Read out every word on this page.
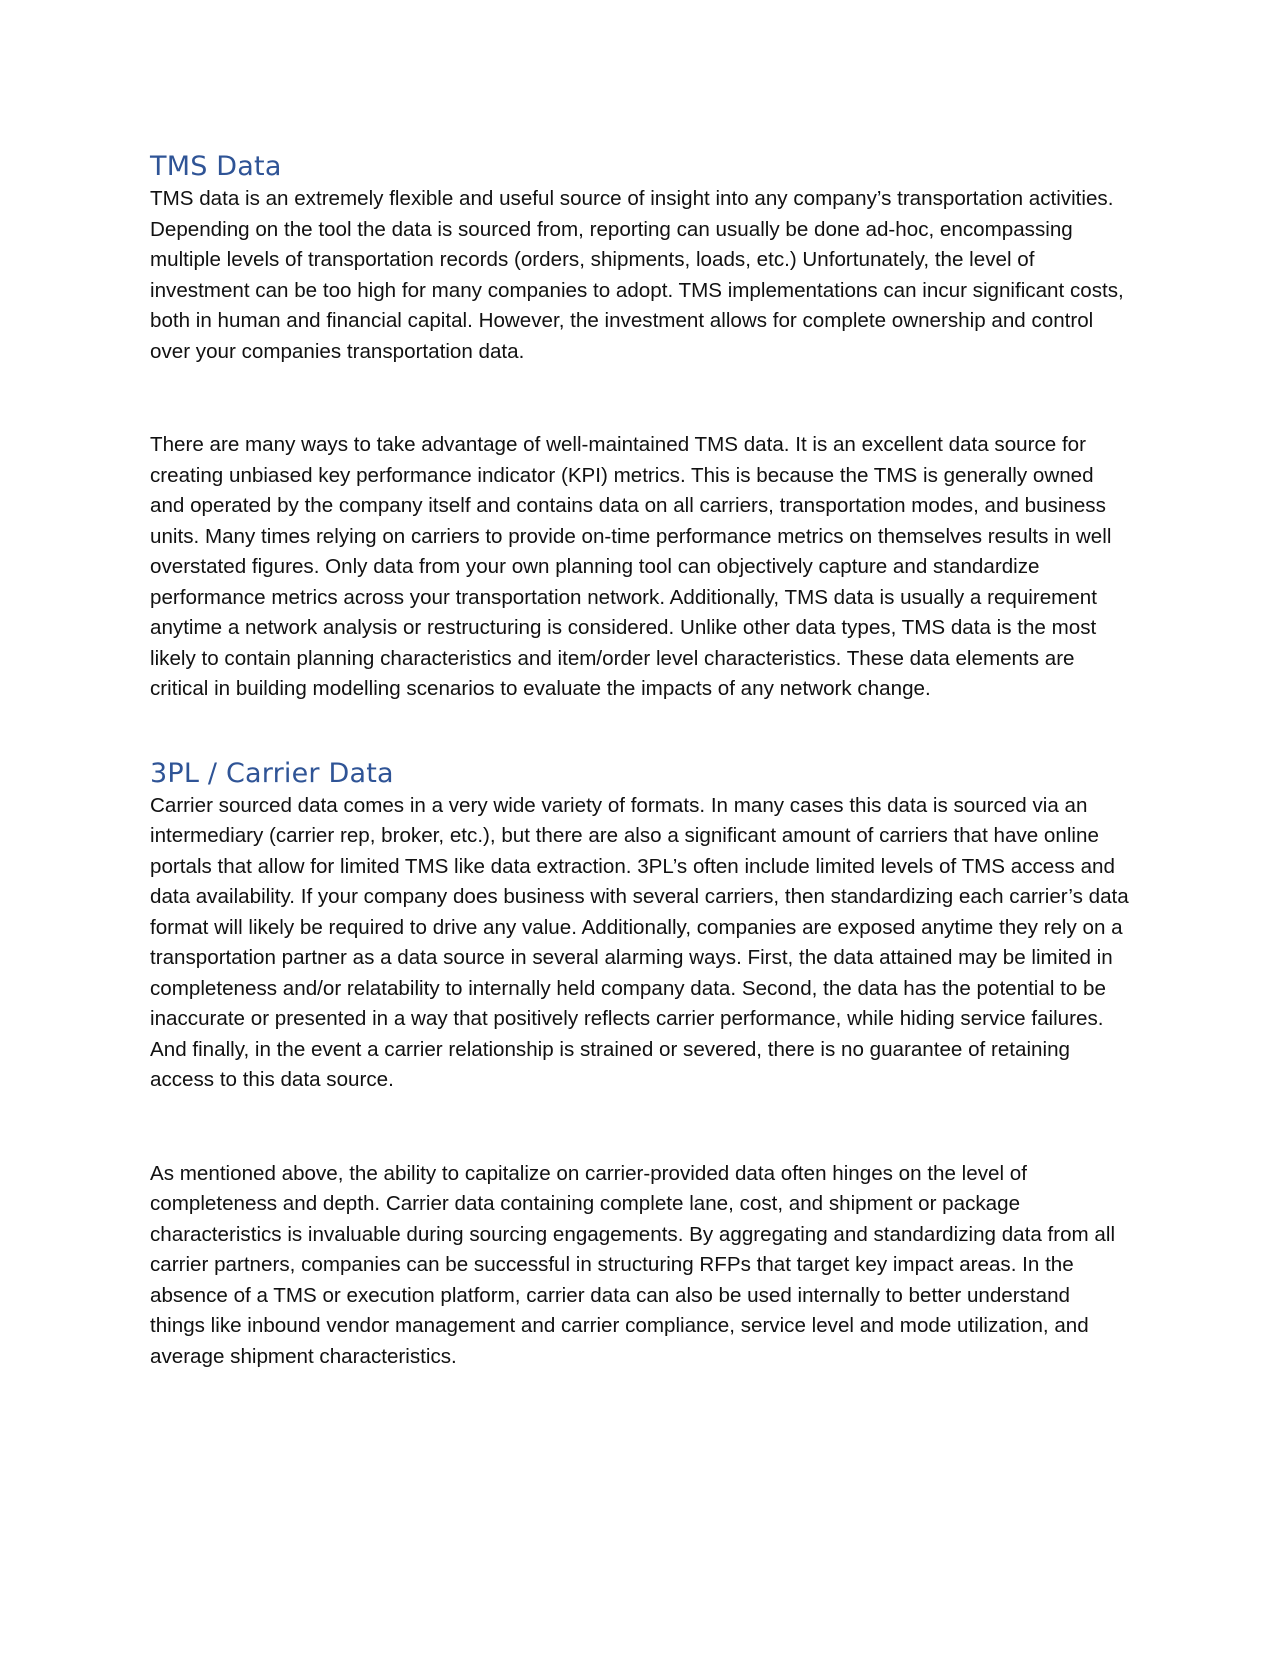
TMS Data

TMS data is an extremely flexible and useful source of insight into any company’s transportation activities. Depending on the tool the data is sourced from, reporting can usually be done ad-hoc, encompassing multiple levels of transportation records (orders, shipments, loads, etc.) Unfortunately, the level of investment can be too high for many companies to adopt. TMS implementations can incur significant costs, both in human and financial capital. However, the investment allows for complete ownership and control over your companies transportation data.

There are many ways to take advantage of well-maintained TMS data. It is an excellent data source for creating unbiased key performance indicator (KPI) metrics. This is because the TMS is generally owned and operated by the company itself and contains data on all carriers, transportation modes, and business units. Many times relying on carriers to provide on-time performance metrics on themselves results in well overstated figures. Only data from your own planning tool can objectively capture and standardize performance metrics across your transportation network. Additionally, TMS data is usually a requirement anytime a network analysis or restructuring is considered. Unlike other data types, TMS data is the most likely to contain planning characteristics and item/order level characteristics. These data elements are critical in building modelling scenarios to evaluate the impacts of any network change.

3PL / Carrier Data

Carrier sourced data comes in a very wide variety of formats. In many cases this data is sourced via an intermediary (carrier rep, broker, etc.), but there are also a significant amount of carriers that have online portals that allow for limited TMS like data extraction. 3PL’s often include limited levels of TMS access and data availability. If your company does business with several carriers, then standardizing each carrier’s data format will likely be required to drive any value. Additionally, companies are exposed anytime they rely on a transportation partner as a data source in several alarming ways. First, the data attained may be limited in completeness and/or relatability to internally held company data. Second, the data has the potential to be inaccurate or presented in a way that positively reflects carrier performance, while hiding service failures. And finally, in the event a carrier relationship is strained or severed, there is no guarantee of retaining access to this data source.

As mentioned above, the ability to capitalize on carrier-provided data often hinges on the level of completeness and depth. Carrier data containing complete lane, cost, and shipment or package characteristics is invaluable during sourcing engagements. By aggregating and standardizing data from all carrier partners, companies can be successful in structuring RFPs that target key impact areas. In the absence of a TMS or execution platform, carrier data can also be used internally to better understand things like inbound vendor management and carrier compliance, service level and mode utilization, and average shipment characteristics.
